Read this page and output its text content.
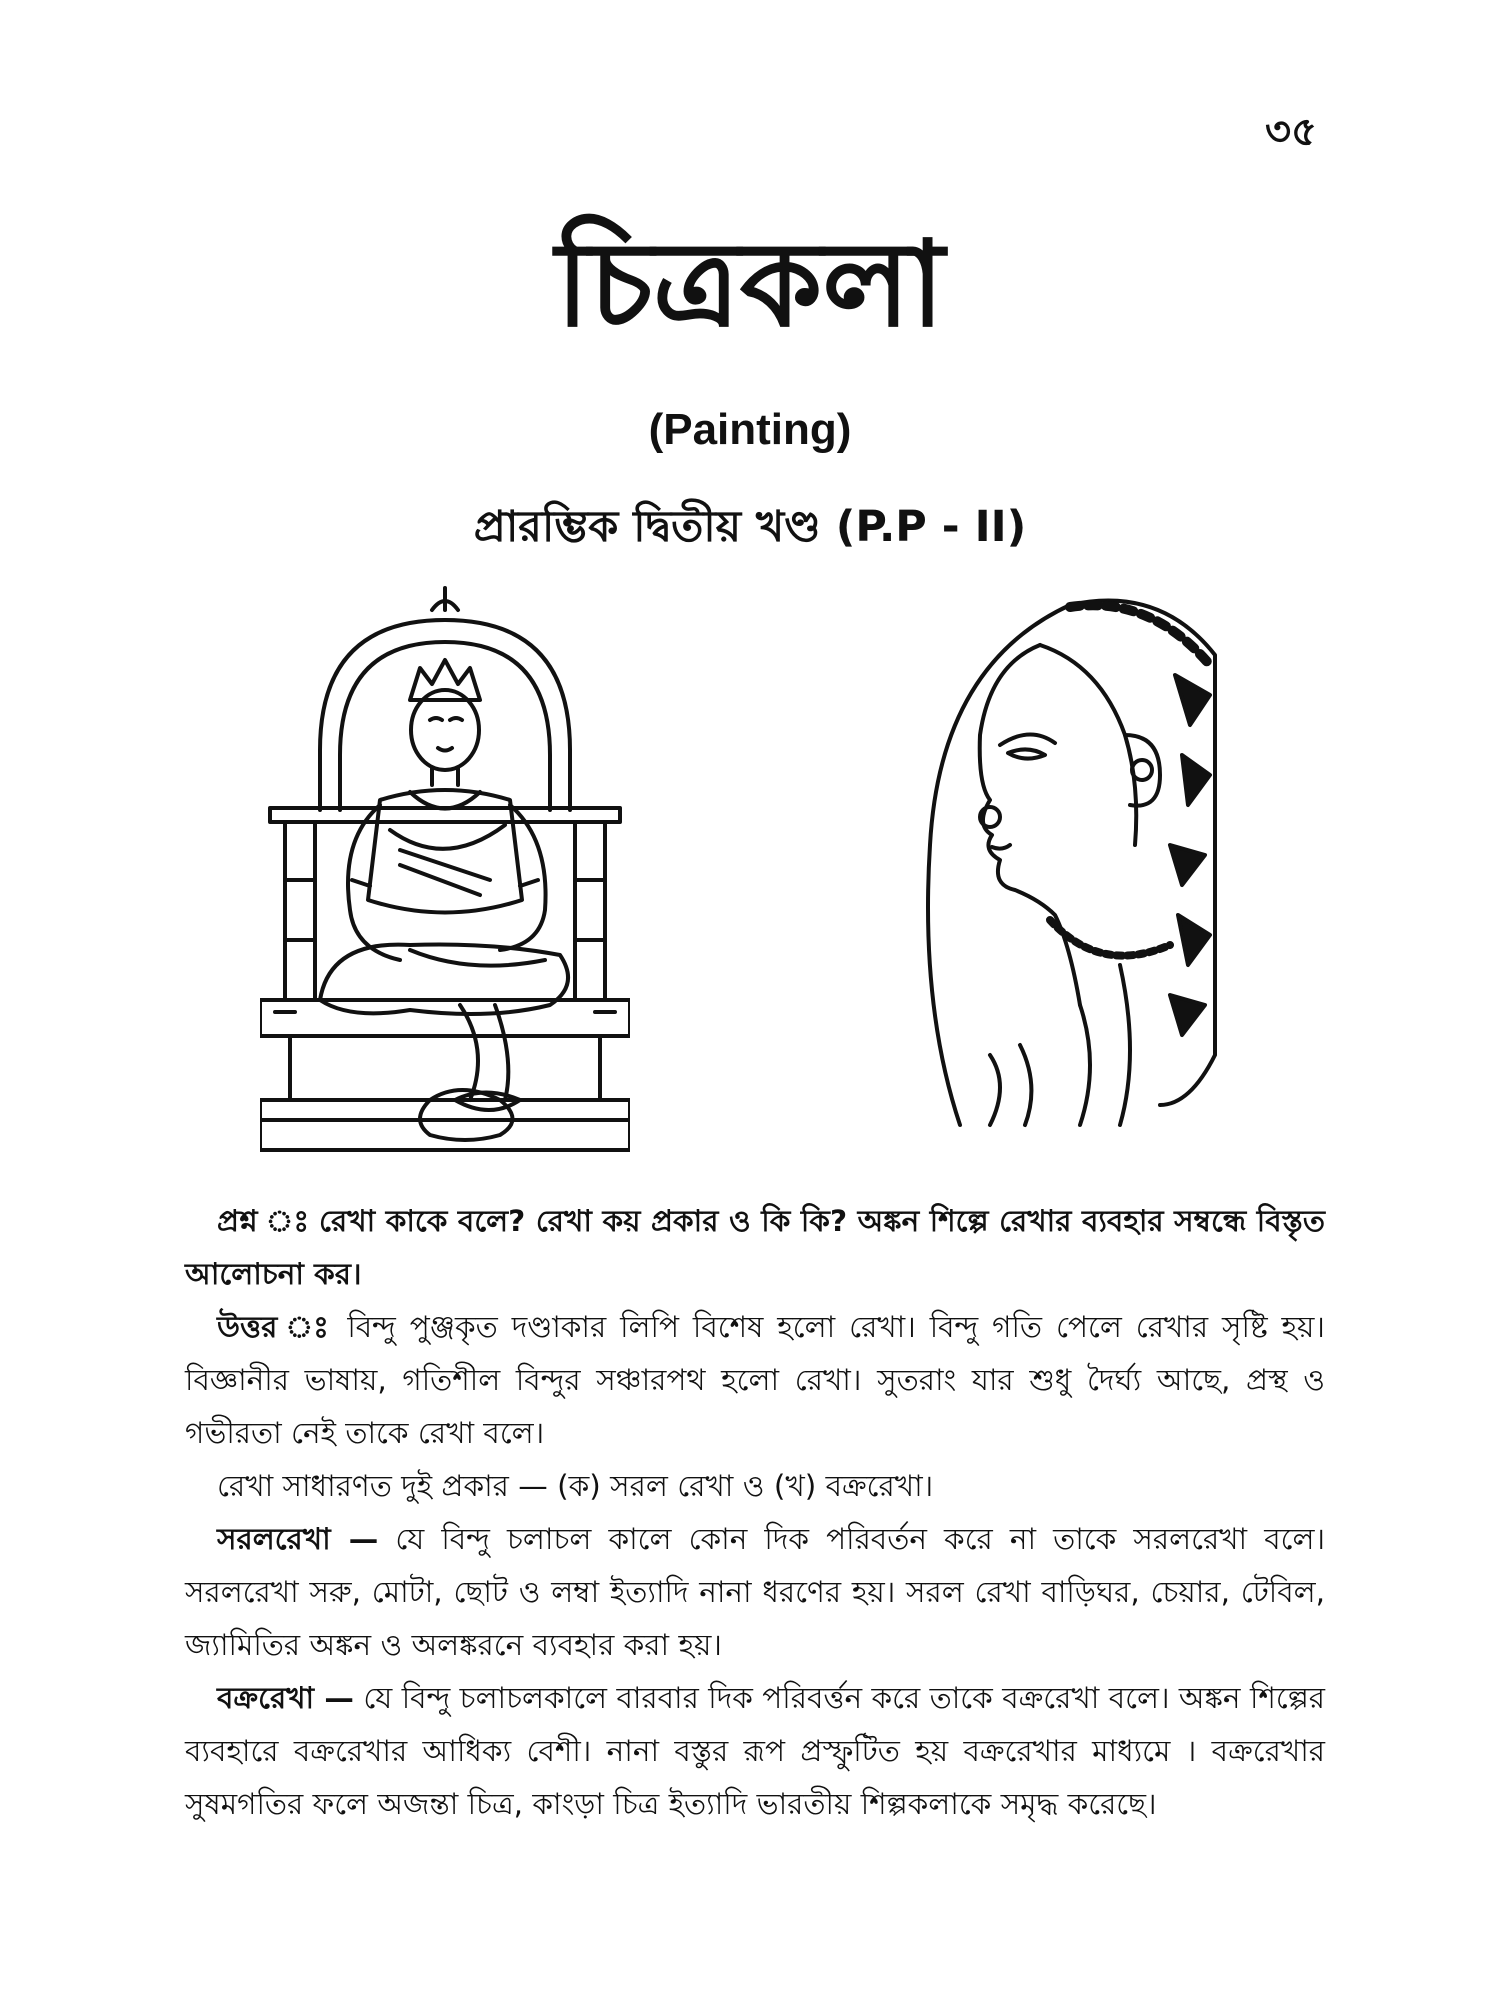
৩৫
চিত্রকলা
(Painting)
প্রারম্ভিক দ্বিতীয় খণ্ড (P.P - II)

প্রশ্ন ঃ রেখা কাকে বলে? রেখা কয় প্রকার ও কি কি? অঙ্কন শিল্পে রেখার ব্যবহার সম্বন্ধে বিস্তৃত আলোচনা কর।

উত্তর ঃ বিন্দু পুঞ্জকৃত দণ্ডাকার লিপি বিশেষ হলো রেখা। বিন্দু গতি পেলে রেখার সৃষ্টি হয়। বিজ্ঞানীর ভাষায়, গতিশীল বিন্দুর সঞ্চারপথ হলো রেখা। সুতরাং যার শুধু দৈর্ঘ্য আছে, প্রস্থ ও গভীরতা নেই তাকে রেখা বলে।

রেখা সাধারণত দুই প্রকার — (ক) সরল রেখা ও (খ) বক্ররেখা।

সরলরেখা — যে বিন্দু চলাচল কালে কোন দিক পরিবর্তন করে না তাকে সরলরেখা বলে। সরলরেখা সরু, মোটা, ছোট ও লম্বা ইত্যাদি নানা ধরণের হয়। সরল রেখা বাড়িঘর, চেয়ার, টেবিল, জ্যামিতির অঙ্কন ও অলঙ্করনে ব্যবহার করা হয়।

বক্ররেখা — যে বিন্দু চলাচলকালে বারবার দিক পরিবর্ত্তন করে তাকে বক্ররেখা বলে। অঙ্কন শিল্পের ব্যবহারে বক্ররেখার আধিক্য বেশী। নানা বস্তুর রূপ প্রস্ফুটিত হয় বক্ররেখার মাধ্যমে । বক্ররেখার সুষমগতির ফলে অজন্তা চিত্র, কাংড়া চিত্র ইত্যাদি ভারতীয় শিল্পকলাকে সমৃদ্ধ করেছে।
